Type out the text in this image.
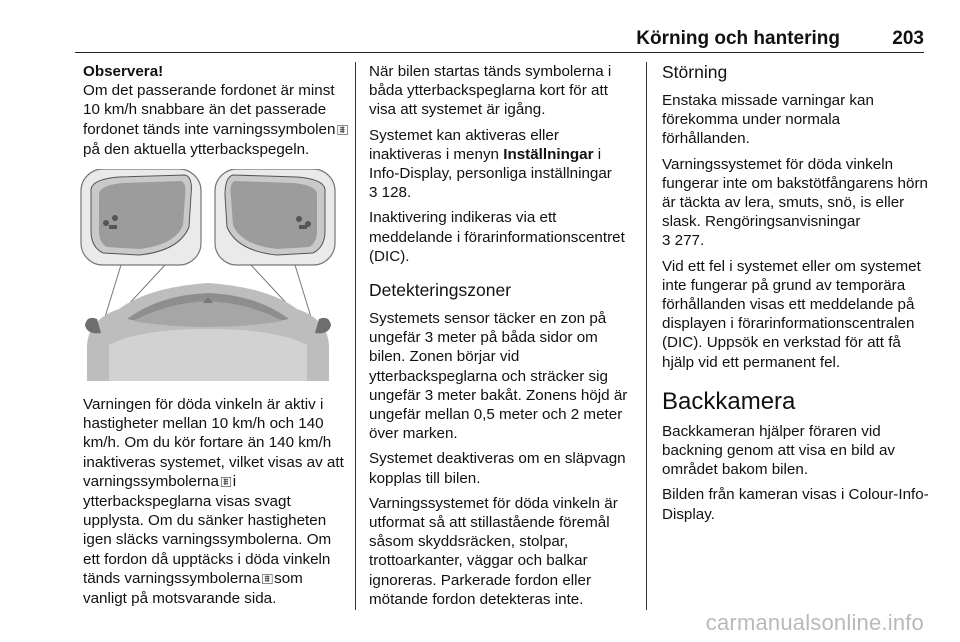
Körning och hantering	203

Observera!
Om det passerande fordonet är minst 10 km/h snabbare än det passerade fordonet tänds inte varningssymbolen ⩩⃞ på den aktuella ytterbackspegeln.

Varningen för döda vinkeln är aktiv i hastigheter mellan 10 km/h och 140 km/h. Om du kör fortare än 140 km/h inaktiveras systemet, vilket visas av att varningssymbolerna ⩩⃞ i ytterbackspeglarna visas svagt upplysta. Om du sänker hastigheten igen släcks varningssymbolerna. Om ett fordon då upptäcks i döda vinkeln tänds varningssymbolerna ⩩⃞ som vanligt på motsvarande sida.

När bilen startas tänds symbolerna i båda ytterbackspeglarna kort för att visa att systemet är igång.

Systemet kan aktiveras eller inaktiveras i menyn Inställningar i Info-Display, personliga inställningar
3 128.

Inaktivering indikeras via ett meddelande i förarinformationscentret (DIC).

Detekteringszoner

Systemets sensor täcker en zon på ungefär 3 meter på båda sidor om bilen. Zonen börjar vid ytterbackspeglarna och sträcker sig ungefär 3 meter bakåt. Zonens höjd är ungefär mellan 0,5 meter och 2 meter över marken.

Systemet deaktiveras om en släpvagn kopplas till bilen.

Varningssystemet för döda vinkeln är utformat så att stillastående föremål såsom skyddsräcken, stolpar, trottoarkanter, väggar och balkar ignoreras. Parkerade fordon eller mötande fordon detekteras inte.

Störning

Enstaka missade varningar kan förekomma under normala förhållanden.

Varningssystemet för döda vinkeln fungerar inte om bakstötfångarens hörn är täckta av lera, smuts, snö, is eller slask. Rengöringsanvisningar
3 277.

Vid ett fel i systemet eller om systemet inte fungerar på grund av temporära förhållanden visas ett meddelande på displayen i förarinformationscentralen (DIC). Uppsök en verkstad för att få hjälp vid ett permanent fel.

Backkamera

Backkameran hjälper föraren vid backning genom att visa en bild av området bakom bilen.

Bilden från kameran visas i Colour-Info-Display.

carmanualsonline.info
